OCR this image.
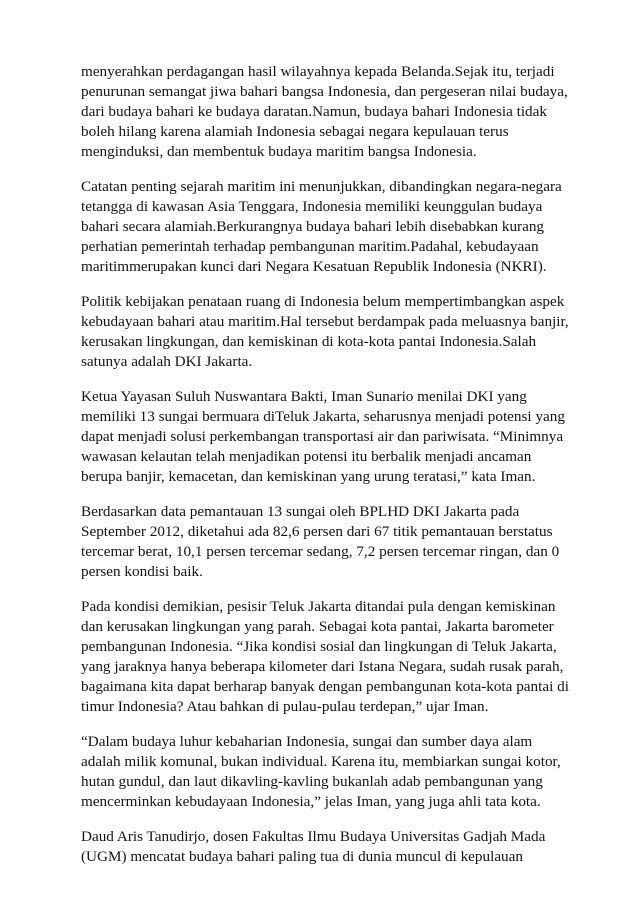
menyerahkan perdagangan hasil wilayahnya kepada Belanda.Sejak itu, terjadi
penurunan semangat jiwa bahari bangsa Indonesia, dan pergeseran nilai budaya,
dari budaya bahari ke budaya daratan.Namun, budaya bahari Indonesia tidak
boleh hilang karena alamiah Indonesia sebagai negara kepulauan terus
menginduksi, dan membentuk budaya maritim bangsa Indonesia.

Catatan penting sejarah maritim ini menunjukkan, dibandingkan negara-negara
tetangga di kawasan Asia Tenggara, Indonesia memiliki keunggulan budaya
bahari secara alamiah.Berkurangnya budaya bahari lebih disebabkan kurang
perhatian pemerintah terhadap pembangunan maritim.Padahal, kebudayaan
maritimmerupakan kunci dari Negara Kesatuan Republik Indonesia (NKRI).

Politik kebijakan penataan ruang di Indonesia belum mempertimbangkan aspek
kebudayaan bahari atau maritim.Hal tersebut berdampak pada meluasnya banjir,
kerusakan lingkungan, dan kemiskinan di kota-kota pantai Indonesia.Salah
satunya adalah DKI Jakarta.

Ketua Yayasan Suluh Nuswantara Bakti, Iman Sunario menilai DKI yang
memiliki 13 sungai bermuara diTeluk Jakarta, seharusnya menjadi potensi yang
dapat menjadi solusi perkembangan transportasi air dan pariwisata. “Minimnya
wawasan kelautan telah menjadikan potensi itu berbalik menjadi ancaman
berupa banjir, kemacetan, dan kemiskinan yang urung teratasi,” kata Iman.

Berdasarkan data pemantauan 13 sungai oleh BPLHD DKI Jakarta pada
September 2012, diketahui ada 82,6 persen dari 67 titik pemantauan berstatus
tercemar berat, 10,1 persen tercemar sedang, 7,2 persen tercemar ringan, dan 0
persen kondisi baik.

Pada kondisi demikian, pesisir Teluk Jakarta ditandai pula dengan kemiskinan
dan kerusakan lingkungan yang parah. Sebagai kota pantai, Jakarta barometer
pembangunan Indonesia. “Jika kondisi sosial dan lingkungan di Teluk Jakarta,
yang jaraknya hanya beberapa kilometer dari Istana Negara, sudah rusak parah,
bagaimana kita dapat berharap banyak dengan pembangunan kota-kota pantai di
timur Indonesia? Atau bahkan di pulau-pulau terdepan,” ujar Iman.

“Dalam budaya luhur kebaharian Indonesia, sungai dan sumber daya alam
adalah milik komunal, bukan individual. Karena itu, membiarkan sungai kotor,
hutan gundul, dan laut dikavling-kavling bukanlah adab pembangunan yang
mencerminkan kebudayaan Indonesia,” jelas Iman, yang juga ahli tata kota.

Daud Aris Tanudirjo, dosen Fakultas Ilmu Budaya Universitas Gadjah Mada
(UGM) mencatat budaya bahari paling tua di dunia muncul di kepulauan
